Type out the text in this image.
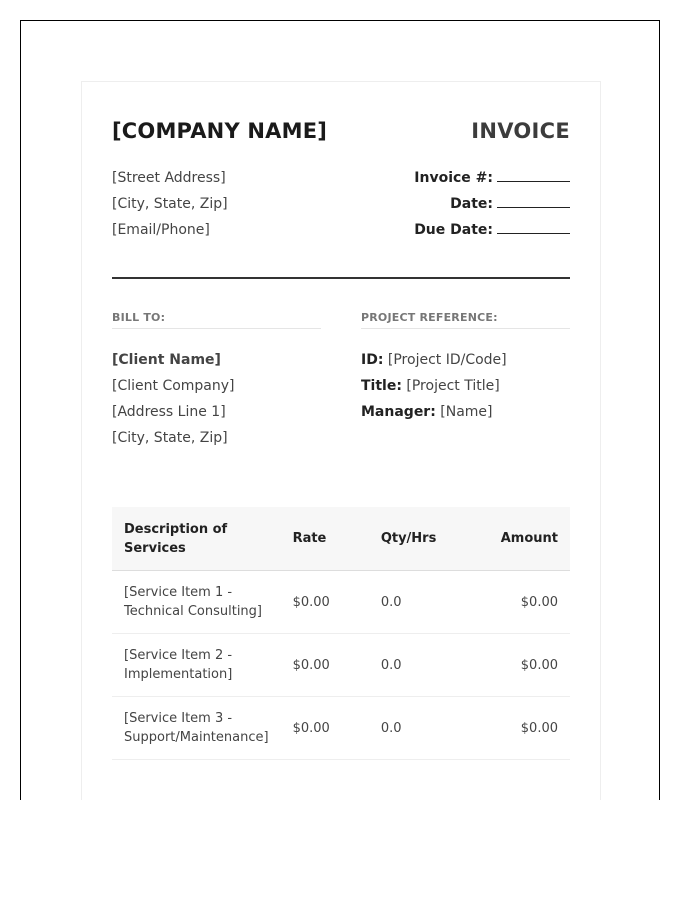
[COMPANY NAME]	INVOICE
[Street Address]
[City, State, Zip]
[Email/Phone]
Invoice #:
Date:
Due Date:
BILL TO:
[Client Name]
[Client Company]
[Address Line 1]
[City, State, Zip]
PROJECT REFERENCE:
ID: [Project ID/Code]
Title: [Project Title]
Manager: [Name]
Description of Services	Rate	Qty/Hrs	Amount
[Service Item 1 - Technical Consulting]	$0.00	0.0	$0.00
[Service Item 2 - Implementation]	$0.00	0.0	$0.00
[Service Item 3 - Support/Maintenance]	$0.00	0.0	$0.00
